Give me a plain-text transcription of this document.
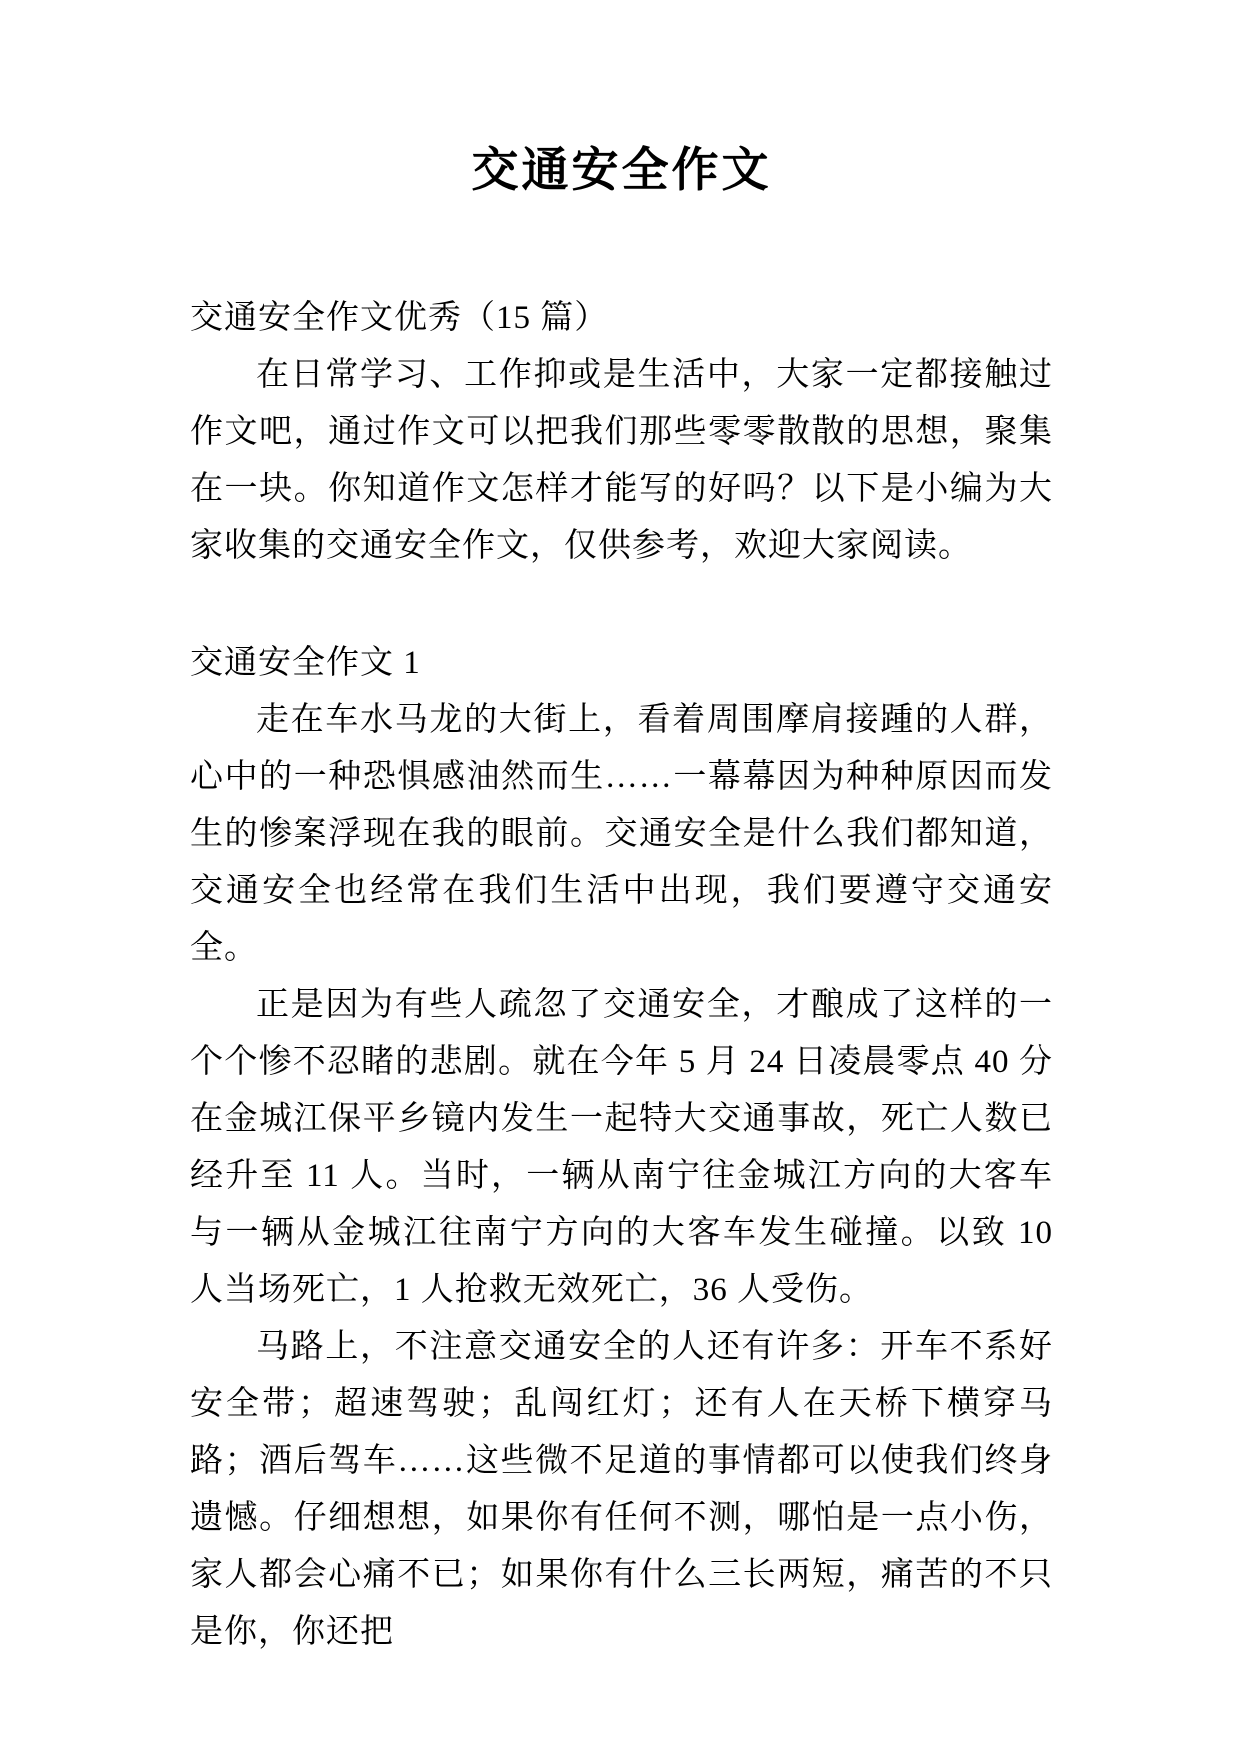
交通安全作文

交通安全作文优秀（15 篇）

在日常学习、工作抑或是生活中，大家一定都接触过作文吧，通过作文可以把我们那些零零散散的思想，聚集在一块。你知道作文怎样才能写的好吗？以下是小编为大家收集的交通安全作文，仅供参考，欢迎大家阅读。

交通安全作文 1

走在车水马龙的大街上，看着周围摩肩接踵的人群，心中的一种恐惧感油然而生……一幕幕因为种种原因而发生的惨案浮现在我的眼前。交通安全是什么我们都知道，交通安全也经常在我们生活中出现，我们要遵守交通安全。

正是因为有些人疏忽了交通安全，才酿成了这样的一个个惨不忍睹的悲剧。就在今年 5 月 24 日凌晨零点 40 分在金城江保平乡镜内发生一起特大交通事故，死亡人数已经升至 11 人。当时，一辆从南宁往金城江方向的大客车与一辆从金城江往南宁方向的大客车发生碰撞。以致 10 人当场死亡，1 人抢救无效死亡，36 人受伤。

马路上，不注意交通安全的人还有许多：开车不系好安全带；超速驾驶；乱闯红灯；还有人在天桥下横穿马路；酒后驾车……这些微不足道的事情都可以使我们终身遗憾。仔细想想，如果你有任何不测，哪怕是一点小伤，家人都会心痛不已；如果你有什么三长两短，痛苦的不只是你，你还把
